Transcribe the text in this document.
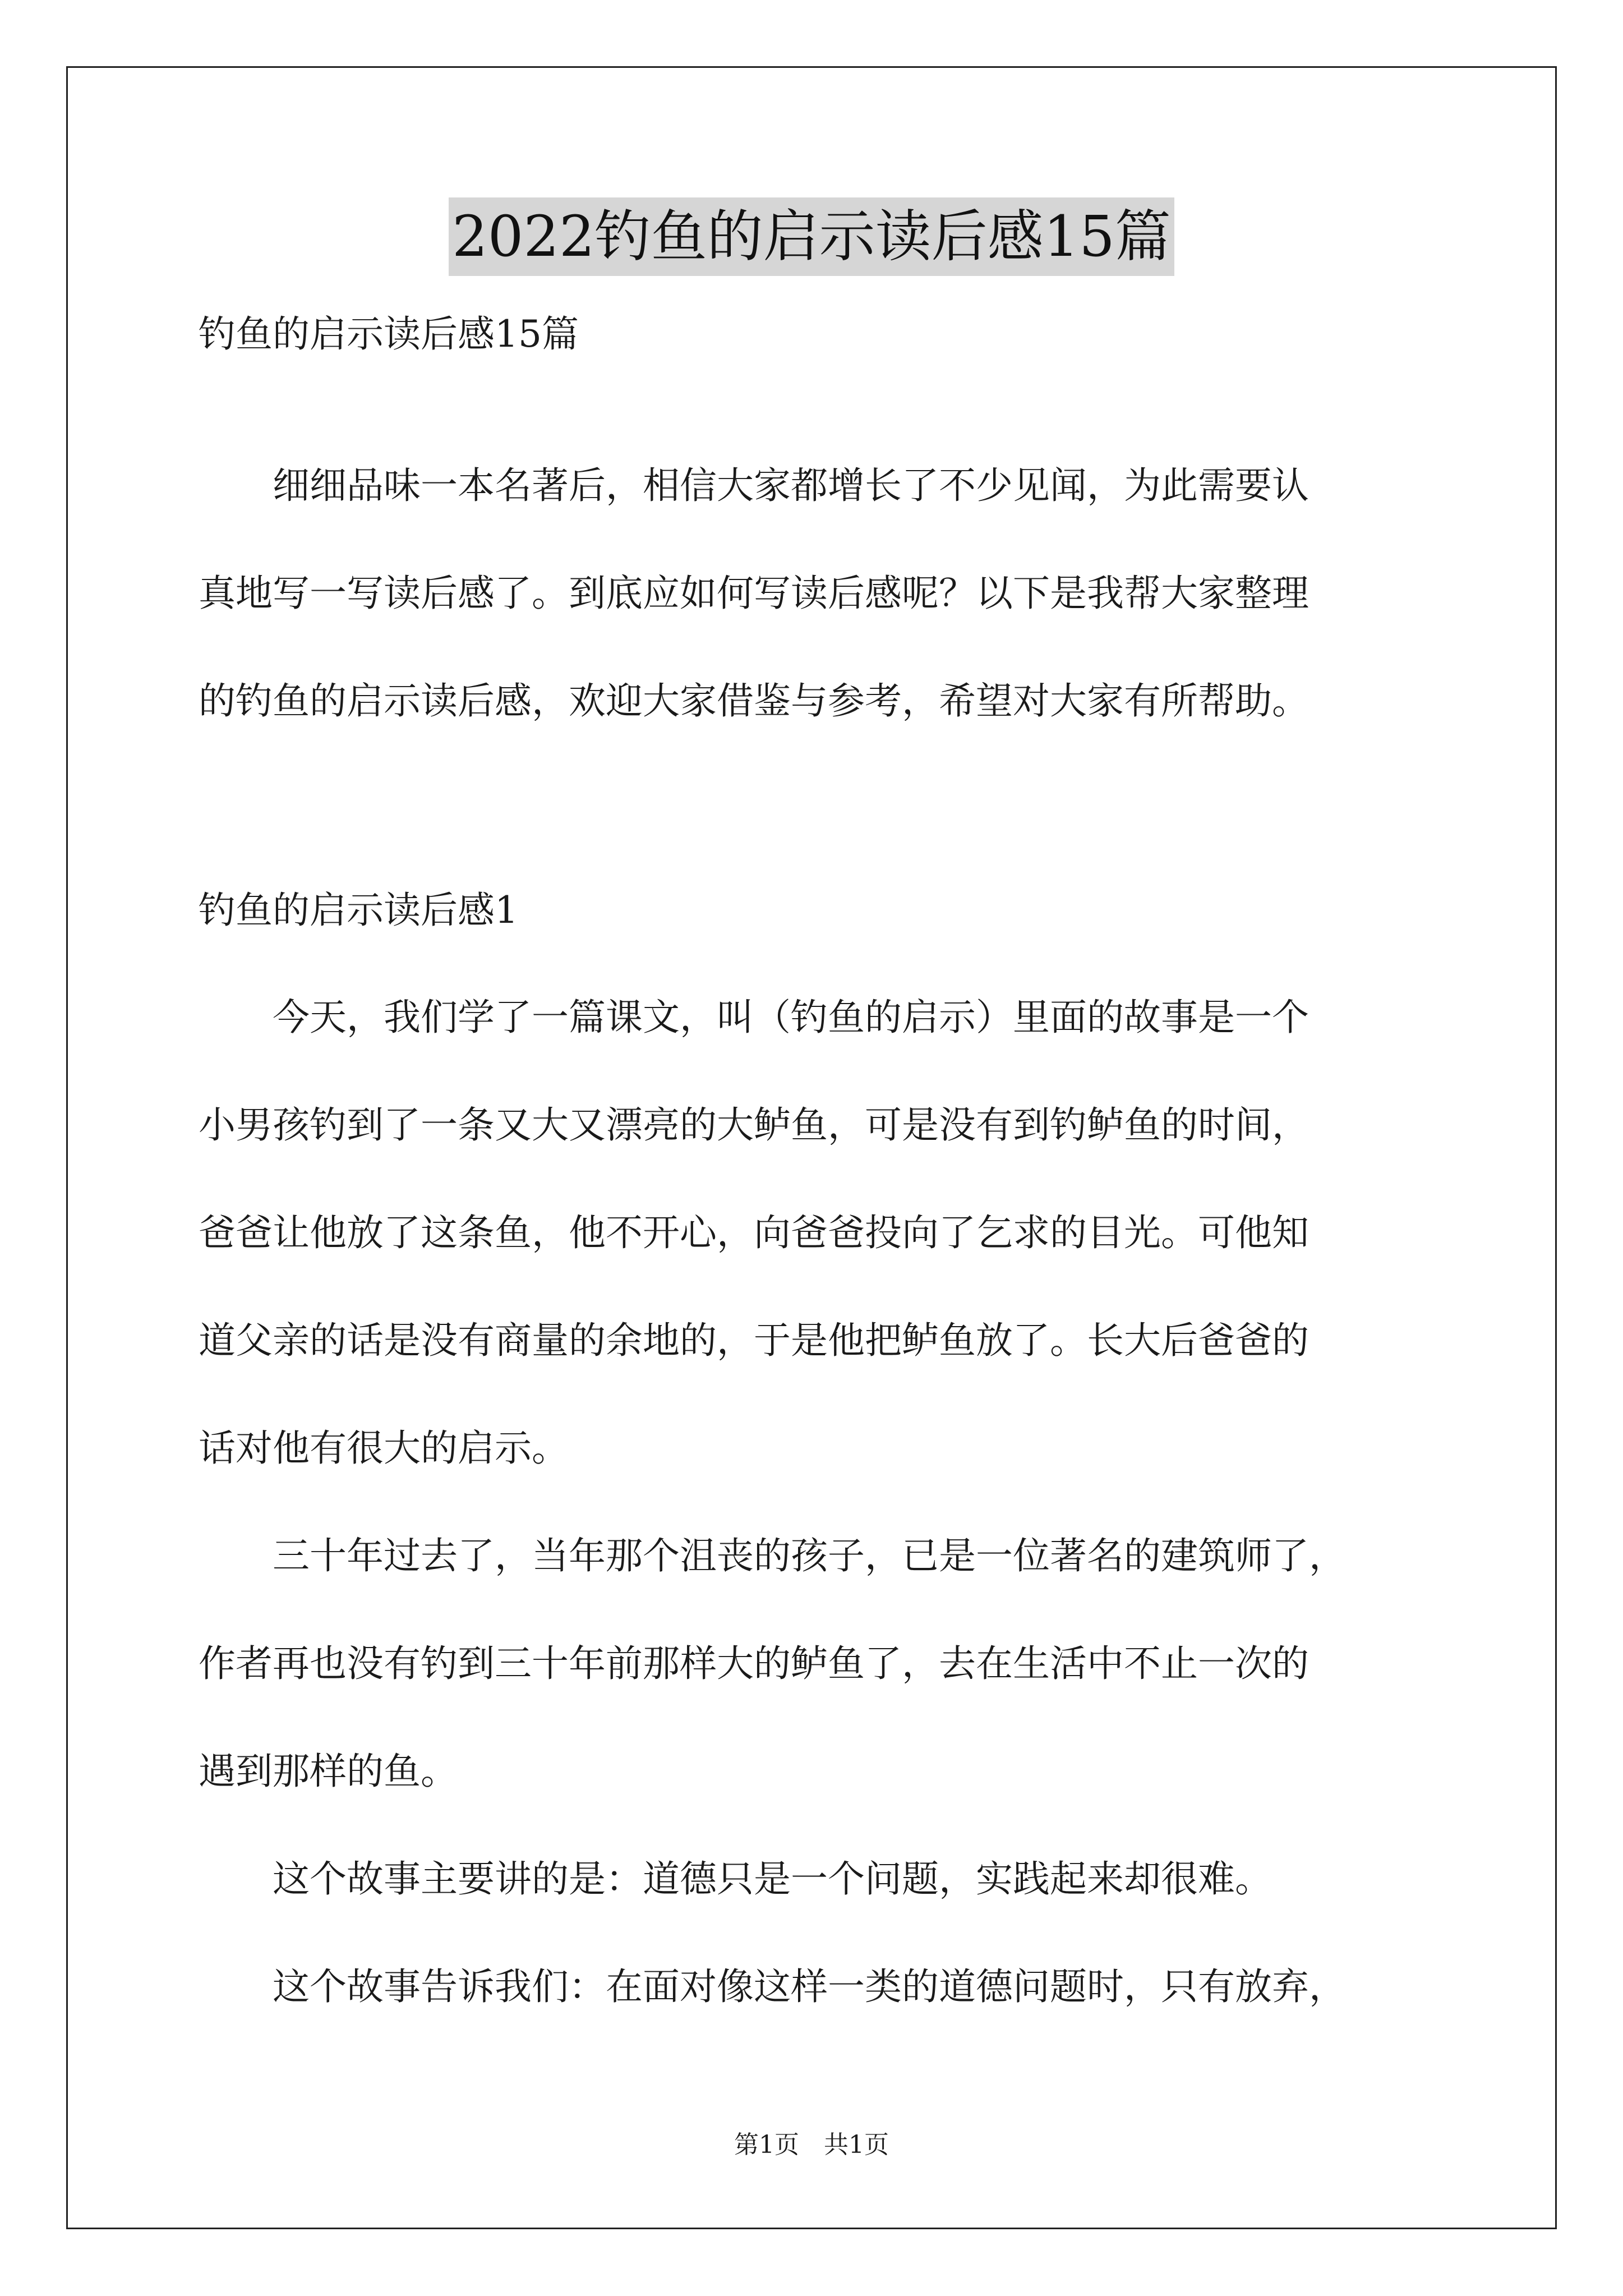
2022钓鱼的启示读后感15篇
钓鱼的启示读后感15篇
　　细细品味一本名著后，相信大家都增长了不少见闻，为此需要认
真地写一写读后感了。到底应如何写读后感呢？以下是我帮大家整理
的钓鱼的启示读后感，欢迎大家借鉴与参考，希望对大家有所帮助。
钓鱼的启示读后感1
　　今天，我们学了一篇课文，叫（钓鱼的启示）里面的故事是一个
小男孩钓到了一条又大又漂亮的大鲈鱼，可是没有到钓鲈鱼的时间，
爸爸让他放了这条鱼，他不开心，向爸爸投向了乞求的目光。可他知
道父亲的话是没有商量的余地的，于是他把鲈鱼放了。长大后爸爸的
话对他有很大的启示。
　　三十年过去了，当年那个沮丧的孩子，已是一位著名的建筑师了，
作者再也没有钓到三十年前那样大的鲈鱼了，去在生活中不止一次的
遇到那样的鱼。
　　这个故事主要讲的是：道德只是一个问题，实践起来却很难。
　　这个故事告诉我们：在面对像这样一类的道德问题时，只有放弃，
第1页　共1页
